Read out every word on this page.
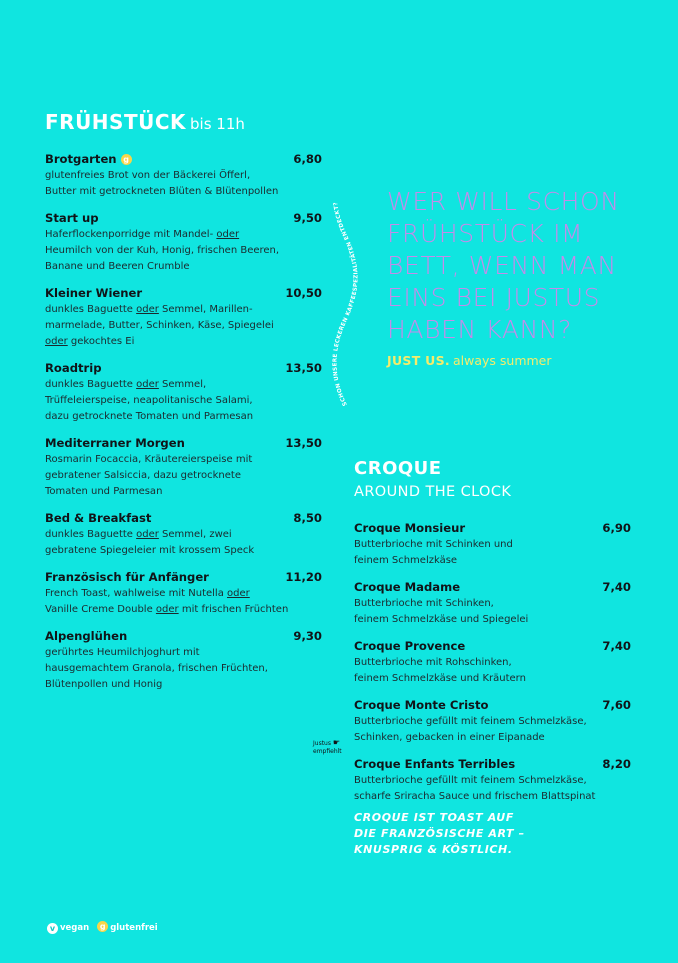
FRÜHSTÜCK bis 11h
Brotgarten g	6,80
glutenfreies Brot von der Bäckerei Öfferl,
Butter mit getrockneten Blüten & Blütenpollen
Start up	9,50
Haferflockenporridge mit Mandel- oder
Heumilch von der Kuh, Honig, frischen Beeren,
Banane und Beeren Crumble
Kleiner Wiener	10,50
dunkles Baguette oder Semmel, Marillen-
marmelade, Butter, Schinken, Käse, Spiegelei
oder gekochtes Ei
Roadtrip	13,50
dunkles Baguette oder Semmel,
Trüffeleierspeise, neapolitanische Salami,
dazu getrocknete Tomaten und Parmesan
Mediterraner Morgen	13,50
Rosmarin Focaccia, Kräutereierspeise mit
gebratener Salsiccia, dazu getrocknete
Tomaten und Parmesan
Bed & Breakfast	8,50
dunkles Baguette oder Semmel, zwei
gebratene Spiegeleier mit krossem Speck
Französisch für Anfänger	11,20
French Toast, wahlweise mit Nutella oder
Vanille Creme Double oder mit frischen Früchten
Alpenglühen	9,30
gerührtes Heumilchjoghurt mit
hausgemachtem Granola, frischen Früchten,
Blütenpollen und Honig
SCHON UNSERE LECKEREN KAFFEESPEZIALITÄTEN ENTDECKT?	WER WILL SCHON FRÜHSTÜCK IM BETT, WENN MAN EINS BEI JUSTUS HABEN KANN?
JUST US. always summer
CROQUE
AROUND THE CLOCK
Croque Monsieur	6,90
Butterbrioche mit Schinken und
feinem Schmelzkäse
Croque Madame	7,40
Butterbrioche mit Schinken,
feinem Schmelzkäse und Spiegelei
Croque Provence	7,40
Butterbrioche mit Rohschinken,
feinem Schmelzkäse und Kräutern
Croque Monte Cristo	7,60
Butterbrioche gefüllt mit feinem Schmelzkäse,
Schinken, gebacken in einer Eipanade
Croque Enfants Terribles	8,20
Butterbrioche gefüllt mit feinem Schmelzkäse,
scharfe Sriracha Sauce und frischem Blattspinat
Justus ☛
empfiehlt
CROQUE IST TOAST AUF
DIE FRANZÖSISCHE ART –
KNUSPRIG & KÖSTLICH.
v vegan g glutenfrei
